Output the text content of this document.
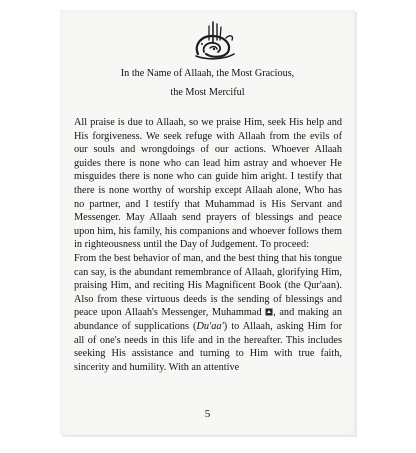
In the Name of Allaah, the Most Gracious,
the Most Merciful

All praise is due to Allaah, so we praise Him, seek His help and His forgiveness. We seek refuge with Allaah from the evils of our souls and wrongdoings of our actions. Whoever Allaah guides there is none who can lead him astray and whoever He misguides there is none who can guide him aright. I testify that there is none worthy of worship except Allaah alone, Who has no partner, and I testify that Muhammad is His Servant and Messenger. May Allaah send prayers of blessings and peace upon him, his family, his companions and whoever follows them in righteousness until the Day of Judgement. To proceed:

From the best behavior of man, and the best thing that his tongue can say, is the abundant remembrance of Allaah, glorifying Him, praising Him, and reciting His Magnificent Book (the Qur'aan). Also from these virtuous deeds is the sending of blessings and peace upon Allaah's Messenger, Muhammad , and making an abundance of supplications (Du'aa') to Allaah, asking Him for all of one's needs in this life and in the hereafter. This includes seeking His assistance and turning to Him with true faith, sincerity and humility. With an attentive

5
